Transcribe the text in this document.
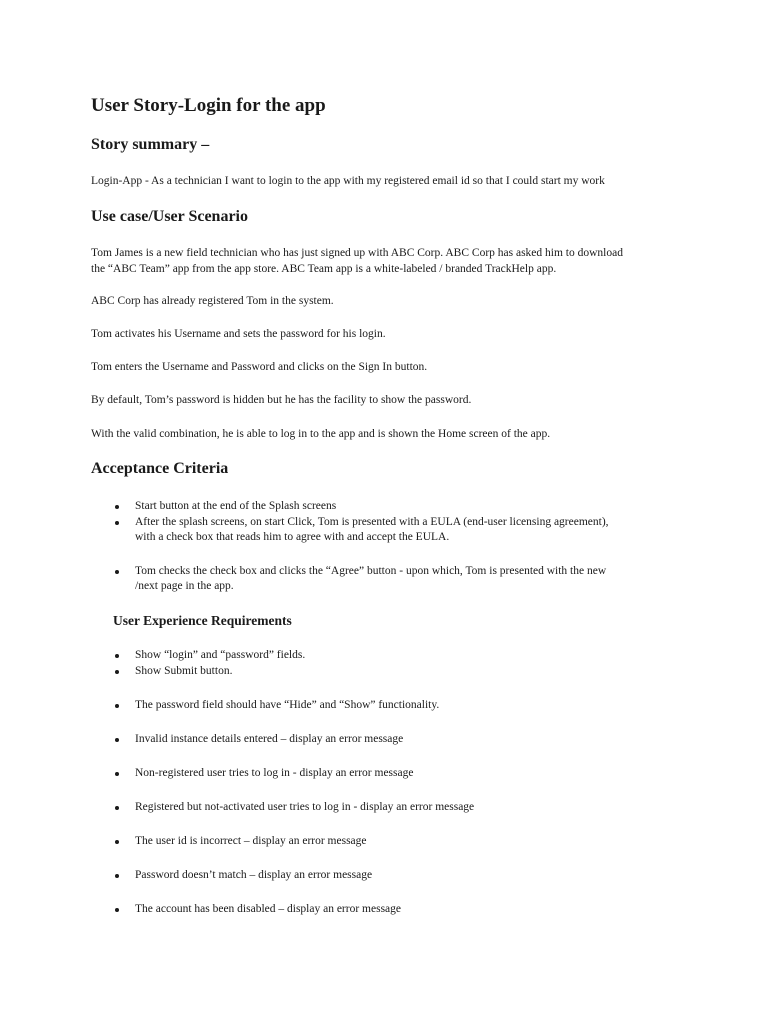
User Story-Login for the app
Story summary –
Login-App - As a technician I want to login to the app with my registered email id so that I could start my work
Use case/User Scenario
Tom James is a new field technician who has just signed up with ABC Corp. ABC Corp has asked him to download
the “ABC Team” app from the app store. ABC Team app is a white-labeled / branded TrackHelp app.
ABC Corp has already registered Tom in the system.
Tom activates his Username and sets the password for his login.
Tom enters the Username and Password and clicks on the Sign In button.
By default, Tom’s password is hidden but he has the facility to show the password.
With the valid combination, he is able to log in to the app and is shown the Home screen of the app.
Acceptance Criteria
Start button at the end of the Splash screens
After the splash screens, on start Click, Tom is presented with a EULA (end-user licensing agreement),
with a check box that reads him to agree with and accept the EULA.
Tom checks the check box and clicks the “Agree” button - upon which, Tom is presented with the new
/next page in the app.
User Experience Requirements
Show “login” and “password” fields.
Show Submit button.
The password field should have “Hide” and “Show” functionality.
Invalid instance details entered – display an error message
Non-registered user tries to log in - display an error message
Registered but not-activated user tries to log in - display an error message
The user id is incorrect – display an error message
Password doesn’t match – display an error message
The account has been disabled – display an error message
